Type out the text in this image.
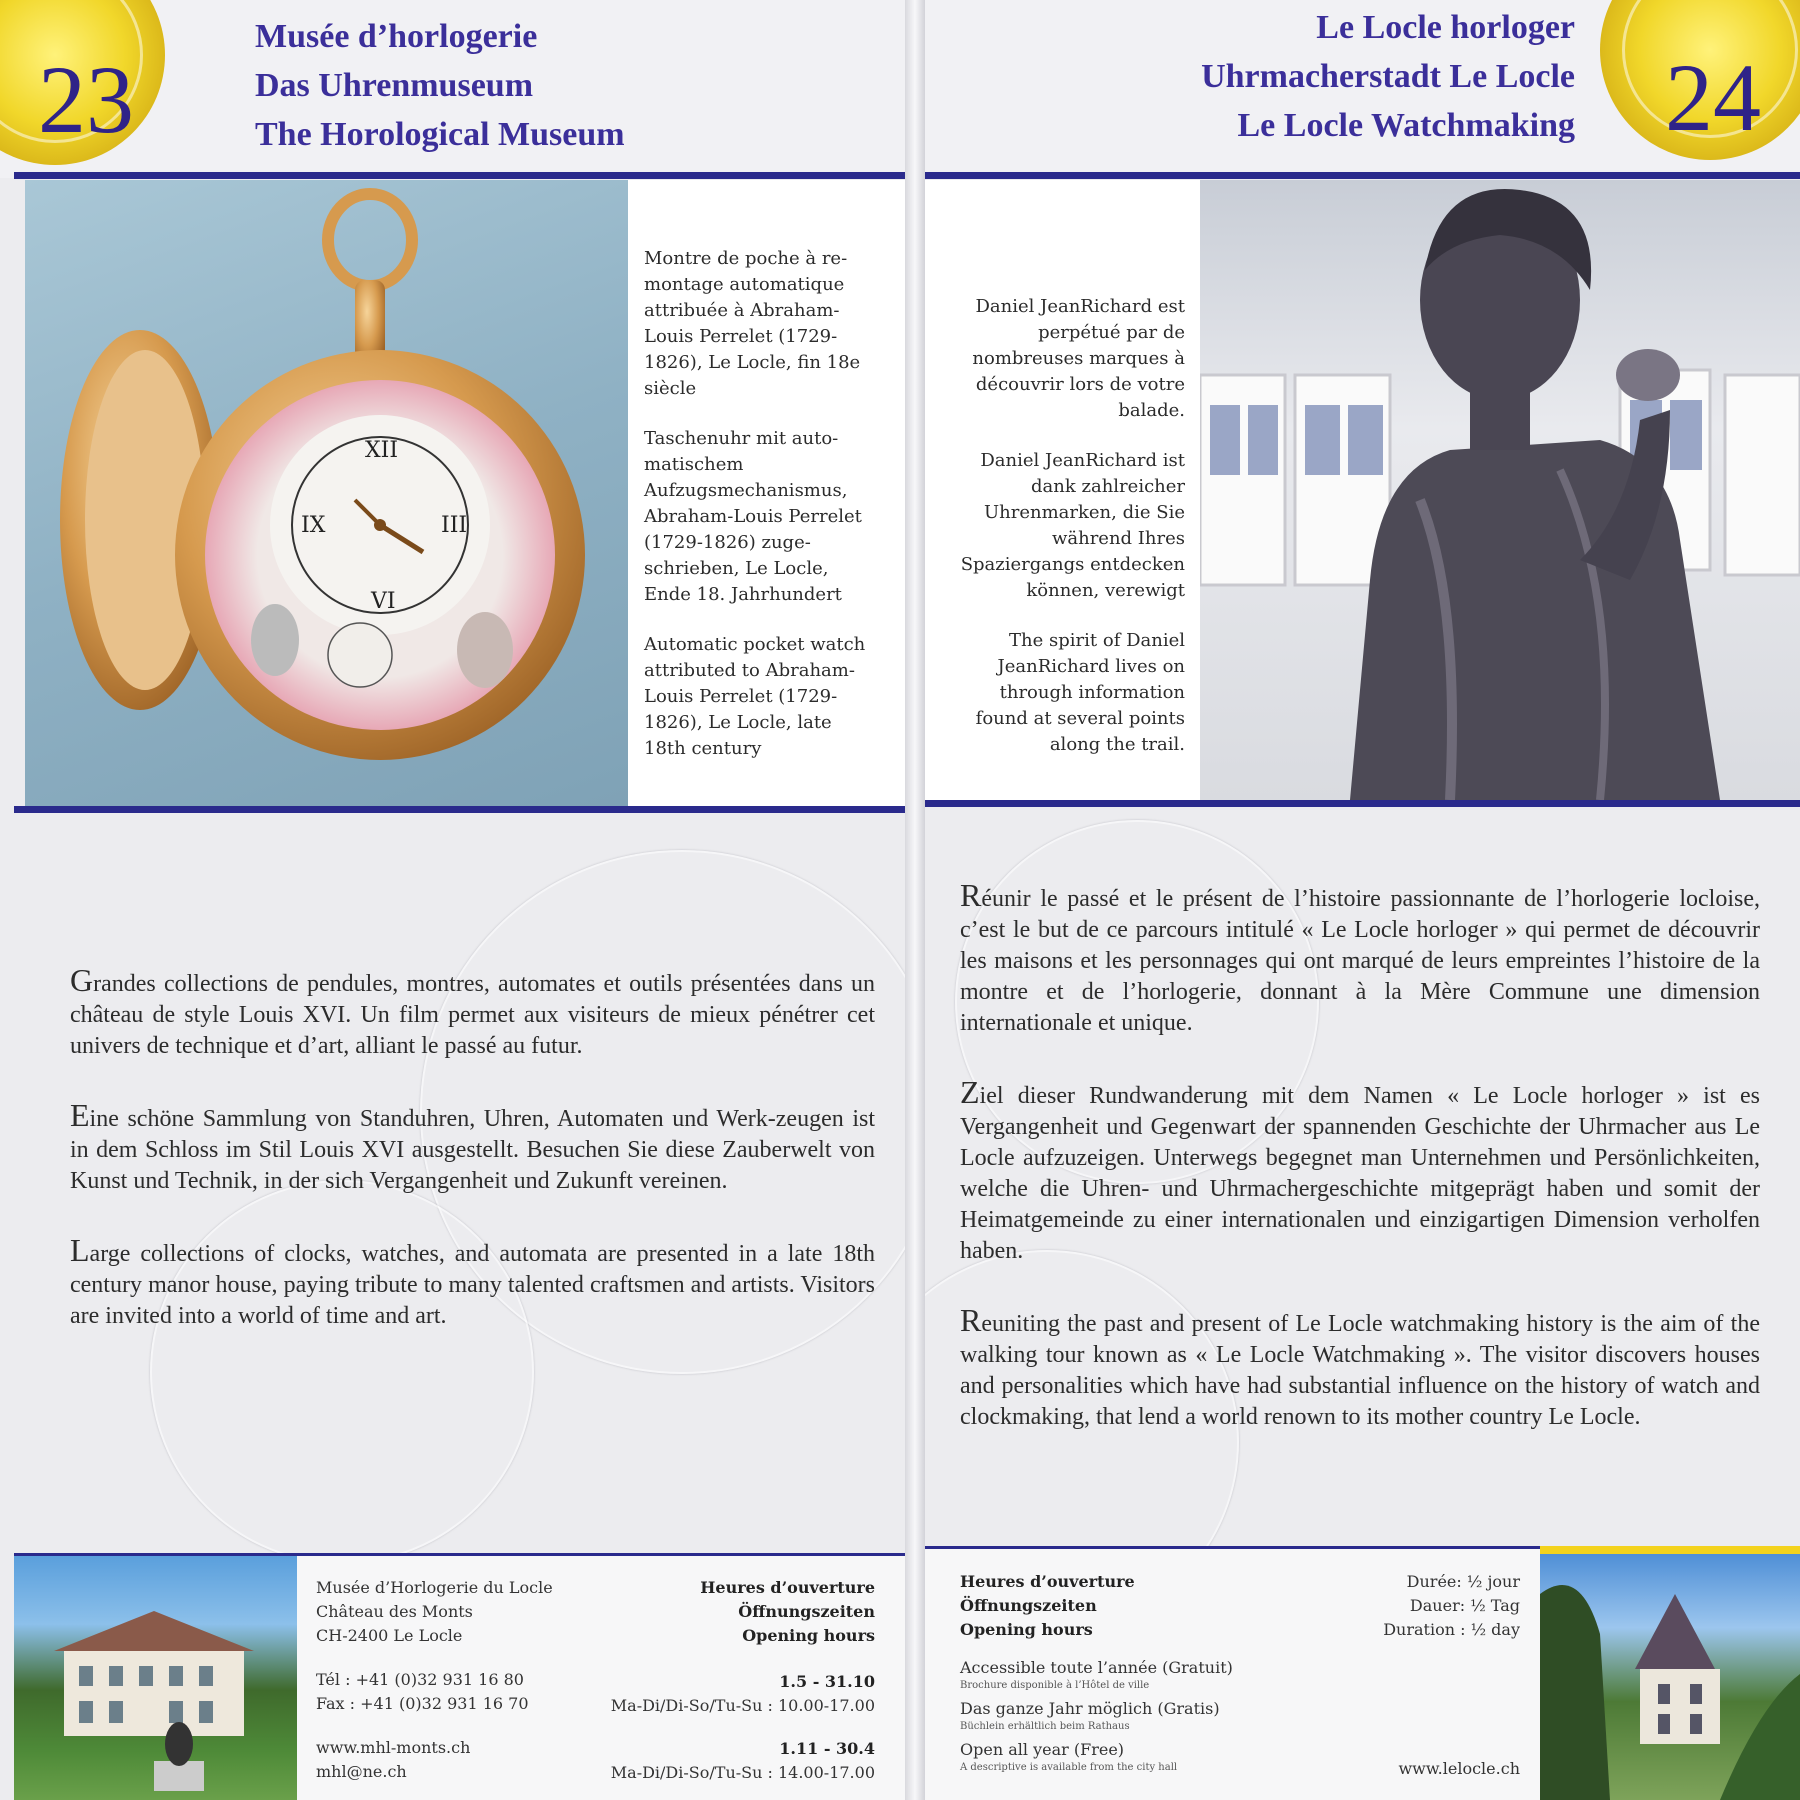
23
Musée d’horlogerie
Das Uhrenmuseum
The Horological Museum
XII
III
VI
IX

Montre de poche à re-montage automatique attribuée à Abraham-Louis Perrelet (1729-1826), Le Locle, fin 18e siècle

Taschenuhr mit auto-matischem Aufzugsmechanismus, Abraham-Louis Perrelet (1729-1826) zuge-schrieben, Le Locle, Ende 18. Jahrhundert

Automatic pocket watch attributed to Abraham-Louis Perrelet (1729-1826), Le Locle, late 18th century

Grandes collections de pendules, montres, automates et outils présentées dans un château de style Louis XVI. Un film permet aux visiteurs de mieux pénétrer cet univers de technique et d’art, alliant le passé au futur.

Eine schöne Sammlung von Standuhren, Uhren, Automaten und Werk-zeugen ist in dem Schloss im Stil Louis XVI ausgestellt. Besuchen Sie diese Zauberwelt von Kunst und Technik, in der sich Vergangenheit und Zukunft vereinen.

Large collections of clocks, watches, and automata are presented in a late 18th century manor house, paying tribute to many talented craftsmen and artists. Visitors are invited into a world of time and art.

Musée d’Horlogerie du Locle
Château des Monts
CH-2400 Le Locle
Tél : +41 (0)32 931 16 80
Fax : +41 (0)32 931 16 70
www.mhl-monts.ch
mhl@ne.ch
Heures d’ouverture
Öffnungszeiten
Opening hours
1.5 - 31.10
Ma-Di/Di-So/Tu-Su : 10.00-17.00
1.11 - 30.4
Ma-Di/Di-So/Tu-Su : 14.00-17.00
Le Locle horloger
Uhrmacherstadt Le Locle
Le Locle Watchmaking 24

Daniel JeanRichard est perpétué par de nombreuses marques à découvrir lors de votre balade.

Daniel JeanRichard ist dank zahlreicher Uhrenmarken, die Sie während Ihres Spaziergangs entdecken können, verewigt

The spirit of Daniel JeanRichard lives on through information found at several points along the trail.

Réunir le passé et le présent de l’histoire passionnante de l’horlogerie locloise, c’est le but de ce parcours intitulé « Le Locle horloger » qui permet de découvrir les maisons et les personnages qui ont marqué de leurs empreintes l’histoire de la montre et de l’horlogerie, donnant à la Mère Commune une dimension internationale et unique.

Ziel dieser Rundwanderung mit dem Namen « Le Locle horloger » ist es Vergangenheit und Gegenwart der spannenden Geschichte der Uhrmacher aus Le Locle aufzuzeigen. Unterwegs begegnet man Unternehmen und Persönlichkeiten, welche die Uhren- und Uhrmachergeschichte mitgeprägt haben und somit der Heimatgemeinde zu einer internationalen und einzigartigen Dimension verholfen haben.

Reuniting the past and present of Le Locle watchmaking history is the aim of the walking tour known as « Le Locle Watchmaking ». The visitor discovers houses and personalities which have had substantial influence on the history of watch and clockmaking, that lend a world renown to its mother country Le Locle.

Heures d’ouverture
Öffnungszeiten
Opening hours
Durée: ½ jour
Dauer: ½ Tag
Duration : ½ day
Accessible toute l’année (Gratuit)
Brochure disponible à l’Hôtel de ville
Das ganze Jahr möglich (Gratis)
Büchlein erhältlich beim Rathaus
Open all year (Free)
A descriptive is available from the city hall	www.lelocle.ch
